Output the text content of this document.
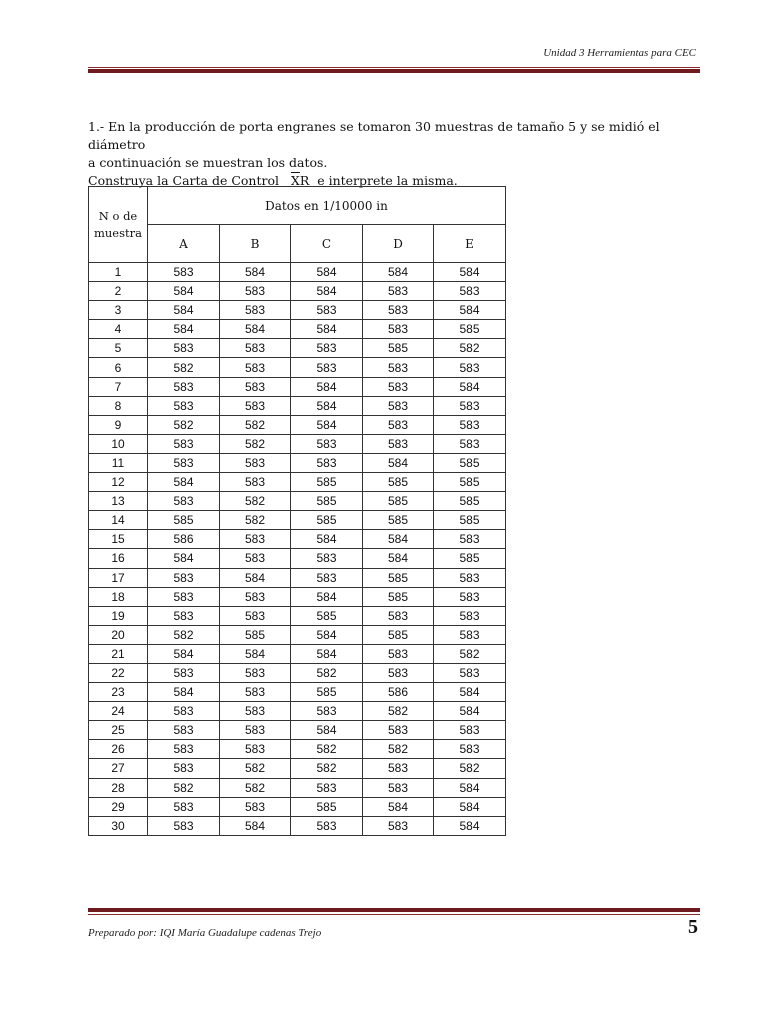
Unidad 3 Herramientas para CEC

1.- En la producción de porta engranes se tomaron 30 muestras de tamaño 5 y se midió el diámetro

a continuación se muestran los datos.

Construya la Carta de Control $\overline{X}R$ e interprete la misma.

N o de muestra	Datos en 1/10000 in				
	A	B	C	D	E
1	583	584	584	584	584
2	584	583	584	583	583
3	584	583	583	583	584
4	584	584	584	583	585
5	583	583	583	585	582
6	582	583	583	583	583
7	583	583	584	583	584
8	583	583	584	583	583
9	582	582	584	583	583
10	583	582	583	583	583
11	583	583	583	584	585
12	584	583	585	585	585
13	583	582	585	585	585
14	585	582	585	585	585
15	586	583	584	584	583
16	584	583	583	584	585
17	583	584	583	585	583
18	583	583	584	585	583
19	583	583	585	583	583
20	582	585	584	585	583
21	584	584	584	583	582
22	583	583	582	583	583
23	584	583	585	586	584
24	583	583	583	582	584
25	583	583	584	583	583
26	583	583	582	582	583
27	583	582	582	583	582
28	582	582	583	583	584
29	583	583	585	584	584
30	583	584	583	583	584
Preparado por: IQI María Guadalupe cadenas Trejo	5
